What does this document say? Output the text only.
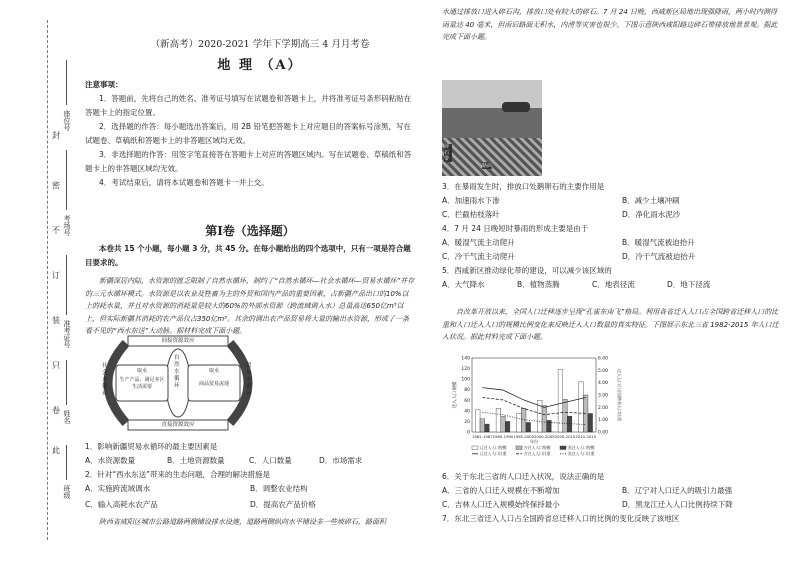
封
密
不
订
装
只
卷
此
座位号
考场号
准考证号
姓名
班级
（新高考）2020-2021 学年下学期高三 4 月月考卷
地 理 （A）
注意事项：
1．答题前，先将自己的姓名、准考证号填写在试题卷和答题卡上，并将准考证号条形码粘贴在答题卡上的指定位置。
2．选择题的作答：每小题选出答案后，用 2B 铅笔把答题卡上对应题目的答案标号涂黑，写在试题卷、草稿纸和答题卡上的非答题区域均无效。
3．非选择题的作答：用签字笔直接答在答题卡上对应的答题区域内。写在试题卷、草稿纸和答题卡上的非答题区域均无效。
4．考试结束后，请将本试题卷和答题卡一并上交。
第Ⅰ卷（选择题）
本卷共 15 个小题，每小题 3 分，共 45 分。在每小题给出的四个选项中，只有一项是符合题目要求的。
新疆深居内陆，水资源的匮乏限制了自然水循环，制约了“自然水循环—社会水循环—贸易水循环”并存的三元水循环模式。水资源是以农业及牲畜为主的外贸和国内产品的重要因素，占新疆产品出口的10%以上的耗水量，并且对水资源的消耗量是较大的60%的外部水资源（跨流域调入水）总量高达650亿m³以上，但实际新疆其消耗的农产品仅占350亿m³。其余的调出农产品贸易将大量的输出水资源，形成了一条看不见的“西水东送”大动脉。据材料完成下面小题。
间接资源效应
直接资源效应
社会水循环
自然水循环
贸易水循环
取水
生产产品，满足本区生活需要
取水
商品贸易流通
1．影响新疆贸易水循环的最主要因素是
A．水资源数量	B．土地资源数量	C．人口数量	D．市场需求
2．针对“西水东送”带来的生态问题，合理的解决措施是
A．实施跨流域调水	B．调整农业结构
C．输入高耗水农产品	D．提高农产品价格
陕西省咸阳区城市公路道路两侧铺设排水设施，道路两侧纵向水平铺设多一些坡碎石，路面积
水通过排放口进入碎石沟，排放口处有较大的碎石。7 月 24 日晚，西咸新区局地出现强降雨，两小时内测得雨量达 40 毫米，但雨后路面无积水，内涝等灾害也很少。下图示意陕西咸阳路边碎石带排放地景景观。据此完成下面小题。
碎石带
路面
3．在暴雨发生时，排放口处鹅卵石的主要作用是
A．加速雨水下渗	B．减少土壤冲刷
C．拦截枯枝落叶	D．净化雨水泥沙
4．7 月 24 日晚短时暴雨的形成主要是由于
A．暖湿气流主动爬升	B．暖湿气流被迫抬升
C．冷干气流主动爬升	D．冷干气流被迫抬升
5．西咸新区推动绿化带的建设，可以减少该区域的
A．大气降水	B．植物蒸腾	C．地表径流	D．地下径流
自改革开放以来，全国人口迁移逐步呈现“孔雀东南飞”格局。利用各省迁入人口占全国跨省迁移人口的比重和人口迁入人口的规模比例变化来反映迁入人口数量的真实特征。下图展示东北三省 1982-2015 年人口迁入状况。据此材料完成下面小题。
0
20
40
60
80
100
120
140
0.00
1.00
2.00
3.00
4.00
5.00
6.00
迁入人口规模	迁入人口占全国跨省人口比重
1982-1987 1985-1990 1995-2000 2000-2005 2005-2010 2010-2015
年份
辽迁入人口规模	吉迁入人口规模	黑迁入人口规模
辽迁入人口比重	吉迁入人口比重	黑迁入人口比重
6．关于东北三省的人口迁入状况，说法正确的是
A．三省的人口迁入规模在不断增加	B．辽宁对人口迁入的吸引力最强
C．吉林人口迁入规模始终保持最小	D．黑龙江迁入人口比例持续下降
7．东北三省迁入人口占全国跨省总迁移人口的比例的变化反映了该地区
